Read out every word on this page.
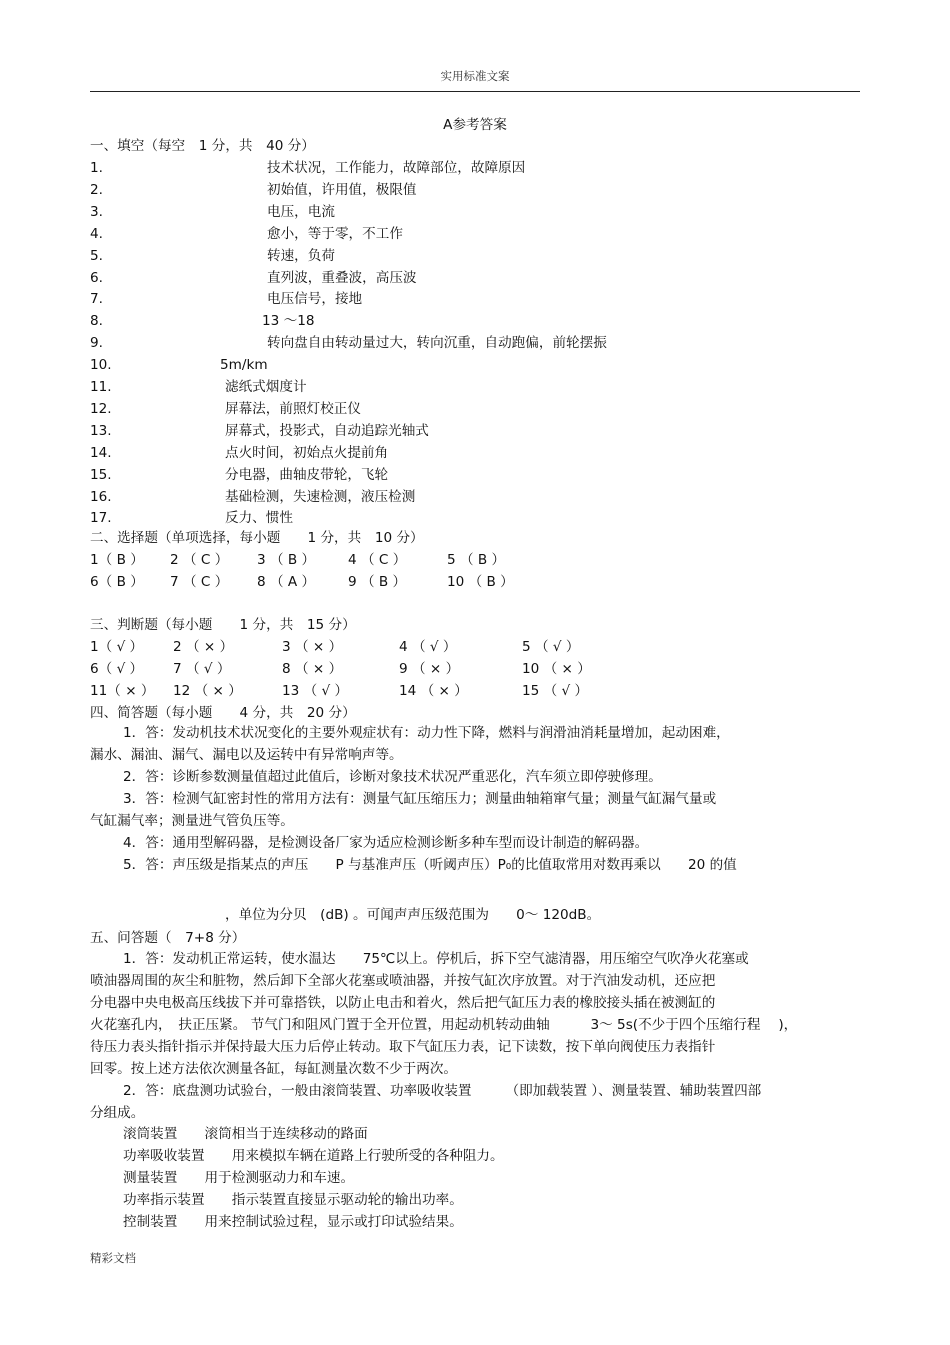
实用标准文案
A参考答案
一、填空（每空　1 分，共　40 分）
1.	技术状况，工作能力，故障部位，故障原因
2.	初始值，许用值，极限值
3.	电压，电流
4.	愈小，等于零，不工作
5.	转速，负荷
6.	直列波，重叠波，高压波
7.	电压信号，接地
8.	13 ～18
9.	转向盘自由转动量过大，转向沉重，自动跑偏，前轮摆振
10.	5m/km
11.	滤纸式烟度计
12.	屏幕法，前照灯校正仪
13.	屏幕式，投影式，自动追踪光轴式
14.	点火时间，初始点火提前角
15.	分电器，曲轴皮带轮，飞轮
16.	基础检测，失速检测，液压检测
17.	反力、惯性
二、选择题（单项选择，每小题　　1 分，共　10 分）
1（ B ） 2 （ C ） 3 （ B ） 4 （ C ）	5 （ B ）
6（ B ） 7 （ C ） 8 （ A ） 9 （ B ）	10 （ B ）
三、判断题（每小题　　1 分，共　15 分）
1（ √ ） 2 （ × ）	3 （ × ）	4 （ √ ）	5 （ √ ）
6（ √ ） 7 （ √ ）	8 （ × ）	9 （ × ）	10 （ × ）
11（ × ） 12 （ × ）	13 （ √ ）	14 （ × ）	15 （ √ ）
四、简答题（每小题　　4 分，共　20 分）
1．答：发动机技术状况变化的主要外观症状有：动力性下降，燃料与润滑油消耗量增加，起动困难，
漏水、漏油、漏气、漏电以及运转中有异常响声等。
2．答：诊断参数测量值超过此值后，诊断对象技术状况严重恶化，汽车须立即停驶修理。
3．答：检测气缸密封性的常用方法有：测量气缸压缩压力；测量曲轴箱窜气量；测量气缸漏气量或
气缸漏气率；测量进气管负压等。
4．答：通用型解码器，是检测设备厂家为适应检测诊断多种车型而设计制造的解码器。
5．答：声压级是指某点的声压　　P 与基准声压（听阈声压）P₀的比值取常用对数再乘以　　20 的值
，单位为分贝　(dB) 。可闻声声压级范围为　　0～ 120dB。
五、问答题（　7+8 分）
1．答：发动机正常运转，使水温达　　75℃以上。停机后，拆下空气滤清器，用压缩空气吹净火花塞或
喷油器周围的灰尘和脏物，然后卸下全部火花塞或喷油器，并按气缸次序放置。对于汽油发动机，还应把
分电器中央电极高压线拔下并可靠搭铁，以防止电击和着火，然后把气缸压力表的橡胶接头插在被测缸的
火花塞孔内，　扶正压紧。 节气门和阻风门置于全开位置，用起动机转动曲轴　　　3～ 5s(不少于四个压缩行程　 )，
待压力表头指针指示并保持最大压力后停止转动。取下气缸压力表，记下读数，按下单向阀使压力表指针
回零。按上述方法依次测量各缸，每缸测量次数不少于两次。
2．答：底盘测功试验台，一般由滚筒装置、功率吸收装置　　　（即加载装置 ）、测量装置、辅助装置四部
分组成。
滚筒装置　　滚筒相当于连续移动的路面
功率吸收装置　　用来模拟车辆在道路上行驶所受的各种阻力。
测量装置　　用于检测驱动力和车速。
功率指示装置　　指示装置直接显示驱动轮的输出功率。
控制装置　　用来控制试验过程，显示或打印试验结果。
精彩文档
